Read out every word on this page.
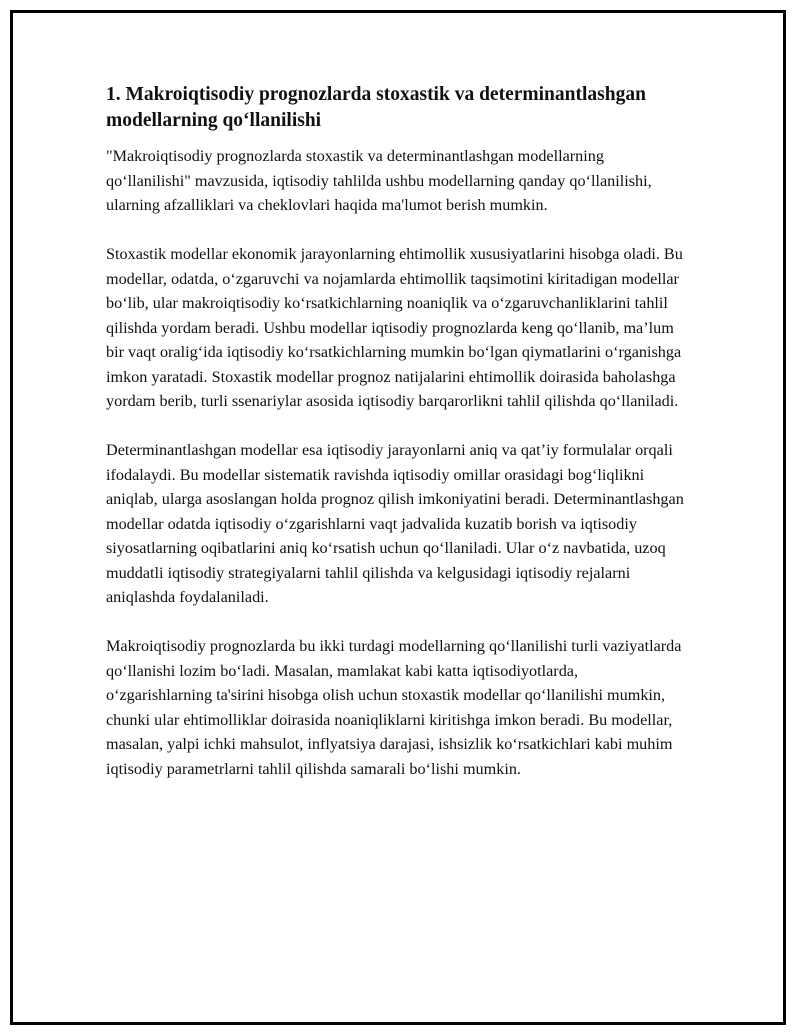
1. Makroiqtisodiy prognozlarda stoxastik va determinantlashgan modellarning qo‘llanilishi

"Makroiqtisodiy prognozlarda stoxastik va determinantlashgan modellarning qo‘llanilishi" mavzusida, iqtisodiy tahlilda ushbu modellarning qanday qo‘llanilishi, ularning afzalliklari va cheklovlari haqida ma'lumot berish mumkin.

Stoxastik modellar ekonomik jarayonlarning ehtimollik xususiyatlarini hisobga oladi. Bu modellar, odatda, o‘zgaruvchi va nojamlarda ehtimollik taqsimotini kiritadigan modellar bo‘lib, ular makroiqtisodiy ko‘rsatkichlarning noaniqlik va o‘zgaruvchanliklarini tahlil qilishda yordam beradi. Ushbu modellar iqtisodiy prognozlarda keng qo‘llanib, ma’lum bir vaqt oralig‘ida iqtisodiy ko‘rsatkichlarning mumkin bo‘lgan qiymatlarini o‘rganishga imkon yaratadi. Stoxastik modellar prognoz natijalarini ehtimollik doirasida baholashga yordam berib, turli ssenariylar asosida iqtisodiy barqarorlikni tahlil qilishda qo‘llaniladi.

Determinantlashgan modellar esa iqtisodiy jarayonlarni aniq va qat’iy formulalar orqali ifodalaydi. Bu modellar sistematik ravishda iqtisodiy omillar orasidagi bog‘liqlikni aniqlab, ularga asoslangan holda prognoz qilish imkoniyatini beradi. Determinantlashgan modellar odatda iqtisodiy o‘zgarishlarni vaqt jadvalida kuzatib borish va iqtisodiy siyosatlarning oqibatlarini aniq ko‘rsatish uchun qo‘llaniladi. Ular o‘z navbatida, uzoq muddatli iqtisodiy strategiyalarni tahlil qilishda va kelgusidagi iqtisodiy rejalarni aniqlashda foydalaniladi.

Makroiqtisodiy prognozlarda bu ikki turdagi modellarning qo‘llanilishi turli vaziyatlarda qo‘llanishi lozim bo‘ladi. Masalan, mamlakat kabi katta iqtisodiyotlarda, o‘zgarishlarning ta'sirini hisobga olish uchun stoxastik modellar qo‘llanilishi mumkin, chunki ular ehtimolliklar doirasida noaniqliklarni kiritishga imkon beradi. Bu modellar, masalan, yalpi ichki mahsulot, inflyatsiya darajasi, ishsizlik ko‘rsatkichlari kabi muhim iqtisodiy parametrlarni tahlil qilishda samarali bo‘lishi mumkin.
